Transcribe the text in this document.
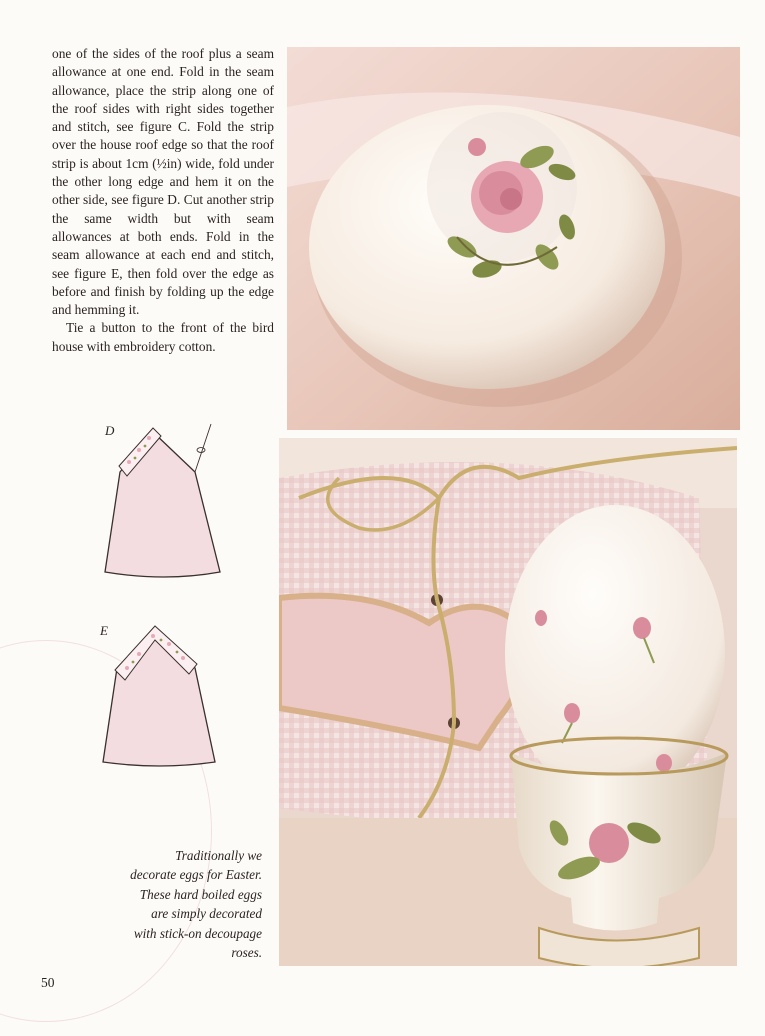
one of the sides of the roof plus a seam allowance at one end. Fold in the seam allowance, place the strip along one of the roof sides with right sides together and stitch, see figure C. Fold the strip over the house roof edge so that the roof strip is about 1cm (½in) wide, fold under the other long edge and hem it on the other side, see figure D. Cut another strip the same width but with seam allowances at both ends. Fold in the seam allowance at each end and stitch, see figure E, then fold over the edge as before and finish by folding up the edge and hemming it.

Tie a button to the front of the bird house with embroidery cotton.

D
E
Traditionally we decorate eggs for Easter. These hard boiled eggs are simply decorated with stick-on decoupage roses.
50
